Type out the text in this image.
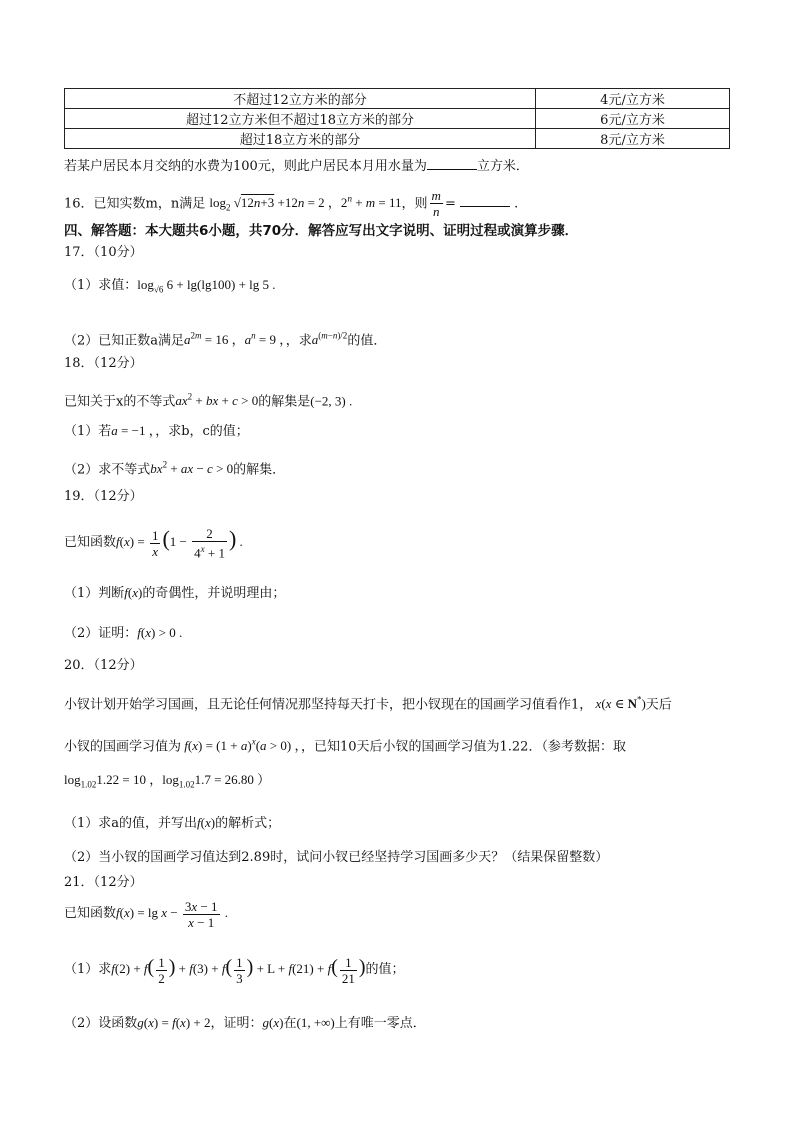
不超过12立方米的部分	4元/立方米
超过12立方米但不超过18立方米的部分	6元/立方米
超过18立方米的部分	8元/立方米
若某户居民本月交纳的水费为100元，则此户居民本月用水量为	立方米．
16．已知实数m，n满足 $\log_2 √12n+3 +12n = 2$ ，$2^n + m = 11$，则 $\frac{m}{n}$ =	.
四、解答题：本大题共6小题，共70分．解答应写出文字说明、证明过程或演算步骤．
17．（10分）
（1）求值：$\log_{√6} 6 + \lg(\lg 100) + \lg 5$ .
（2）已知正数a满足$a^{2m} = 16$ ，$a^n = 9$ ，，求$a^{(m-n)/2}$的值．
18．（12分）
已知关于x的不等式$ax^2$ + bx + c > 0的解集是(−2, 3) .
（1）若a = −1 ，，求b，c的值；
（2）求不等式$bx^2$ + ax − c > 0的解集．
19．（12分）
已知函数$f(x) = \frac{1}{x} (1 - \frac{2}{4^x + 1}$ ) .
（1）判断f(x)的奇偶性，并说明理由；
（2）证明：f(x) > 0 .
20．（12分）
小钗计划开始学习国画，且无论任何情况那坚持每天打卡，把小钗现在的国画学习值看作1， x(x ∈ N*)天后
小钗的国画学习值为 $f(x) = (1 + a)^x(a > 0)$ ，，已知10天后小钗的国画学习值为1.22．（参考数据：取
$\log_{1.02}1.22 = 10$ ，$\log_{1.02}1.7 = 26.80$ ）
（1）求a的值，并写出f(x)的解析式；
（2）当小钗的国画学习值达到2.89时，试问小钗已经坚持学习国画多少天？（结果保留整数）
21．（12分）
已知函数$f(x) = \lg x - \frac{3x - 1}{x - 1}$ .
（1）求$f(2) + f( \frac{1}{2}$ ) + $f(3) + f( \frac{1}{3}$ ) + $L + f(21) + f( \frac{1}{21}$ )的值；
（2）设函数g(x) = f(x) + 2，证明：g(x)在(1, +∞)上有唯一零点．
